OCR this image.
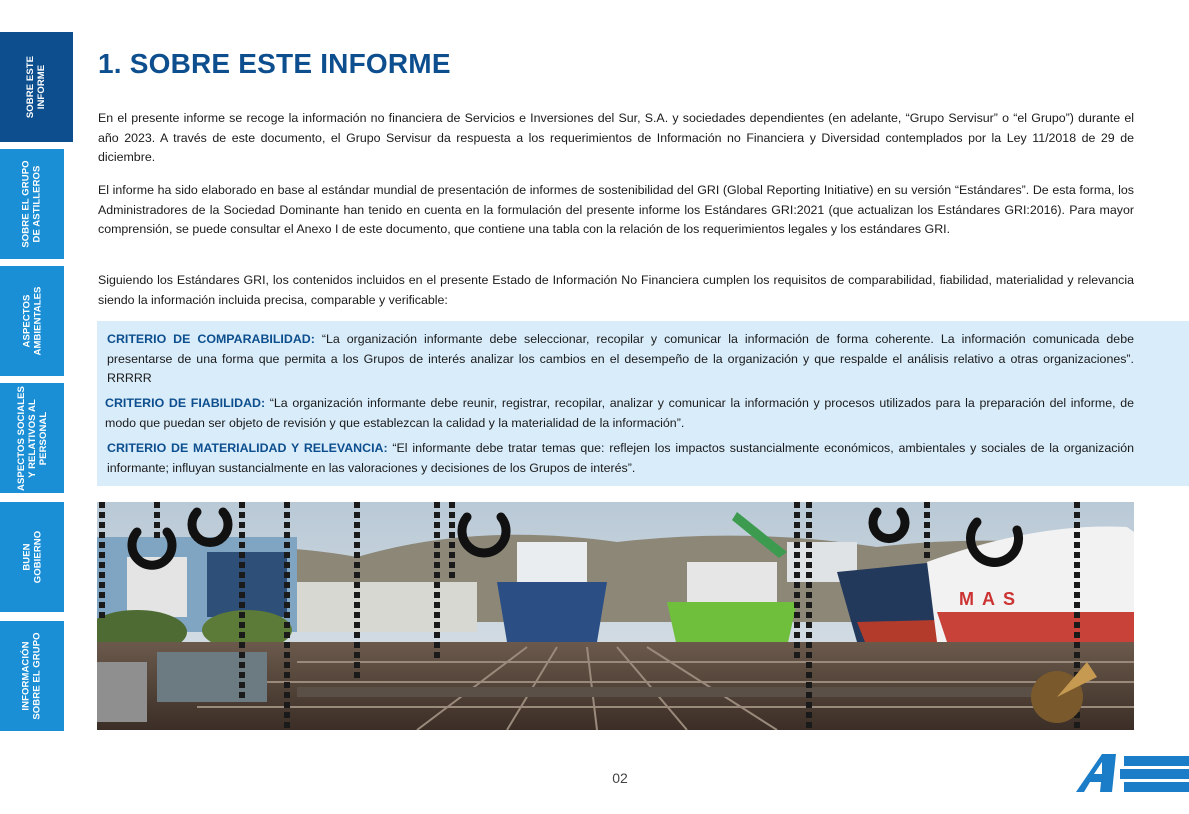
SOBRE ESTE
INFORME
SOBRE EL GRUPO
DE ASTILLEROS
ASPECTOS
AMBIENTALES
ASPECTOS SOCIALES
Y RELATIVOS AL
PERSONAL
BUEN
GOBIERNO
INFORMACIÓN
SOBRE EL GRUPO
1. SOBRE ESTE INFORME

En el presente informe se recoge la información no financiera de Servicios e Inversiones del Sur, S.A. y sociedades dependientes (en adelante, “Grupo Servisur” o “el Grupo”) durante el año 2023. A través de este documento, el Grupo Servisur da respuesta a los requerimientos de Información no Financiera y Diversidad contemplados por la Ley 11/2018 de 29 de diciembre.

El informe ha sido elaborado en base al estándar mundial de presentación de informes de sostenibilidad del GRI (Global Reporting Initiative) en su versión “Estándares”. De esta forma, los Administradores de la Sociedad Dominante han tenido en cuenta en la formulación del presente informe los Estándares GRI:2021 (que actualizan los Estándares GRI:2016). Para mayor comprensión, se puede consultar el Anexo I de este documento, que contiene una tabla con la relación de los requerimientos legales y los estándares GRI.

Siguiendo los Estándares GRI, los contenidos incluidos en el presente Estado de Información No Financiera cumplen los requisitos de comparabilidad, fiabilidad, materialidad y relevancia siendo la información incluida precisa, comparable y verificable:

CRITERIO DE COMPARABILIDAD: “La organización informante debe seleccionar, recopilar y comunicar la información de forma coherente. La información comunicada debe presentarse de una forma que permita a los Grupos de interés analizar los cambios en el desempeño de la organización y que respalde el análisis relativo a otras organizaciones”. RRRRR

CRITERIO DE FIABILIDAD: “La organización informante debe reunir, registrar, recopilar, analizar y comunicar la información y procesos utilizados para la preparación del informe, de modo que puedan ser objeto de revisión y que establezcan la calidad y la materialidad de la información”.

CRITERIO DE MATERIALIDAD Y RELEVANCIA: “El informante debe tratar temas que: reflejen los impactos sustancialmente económicos, ambientales y sociales de la organización informante; influyan sustancialmente en las valoraciones y decisiones de los Grupos de interés”.

MAS
02
